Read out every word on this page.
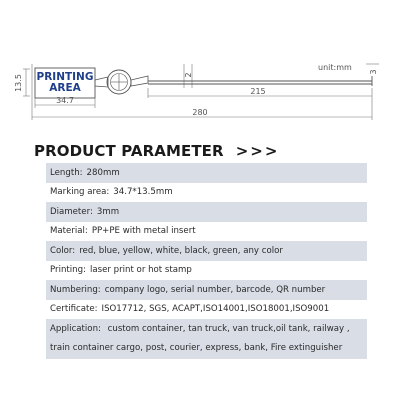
13.5 PRINTING
AREA
2
unit:mm 3
34.7
215
280
PRODUCT PARAMETER >>>
Length: 280mm
Marking area: 34.7*13.5mm
Diameter: 3mm
Material: PP+PE with metal insert
Color: red, blue, yellow, white, black, green, any color
Printing: laser print or hot stamp
Numbering: company logo, serial number, barcode, QR number
Certificate: ISO17712, SGS, ACAPT,ISO14001,ISO18001,ISO9001
Application: custom container, tan truck, van truck,oil tank, railway ,
train container cargo, post, courier, express, bank, Fire extinguisher
